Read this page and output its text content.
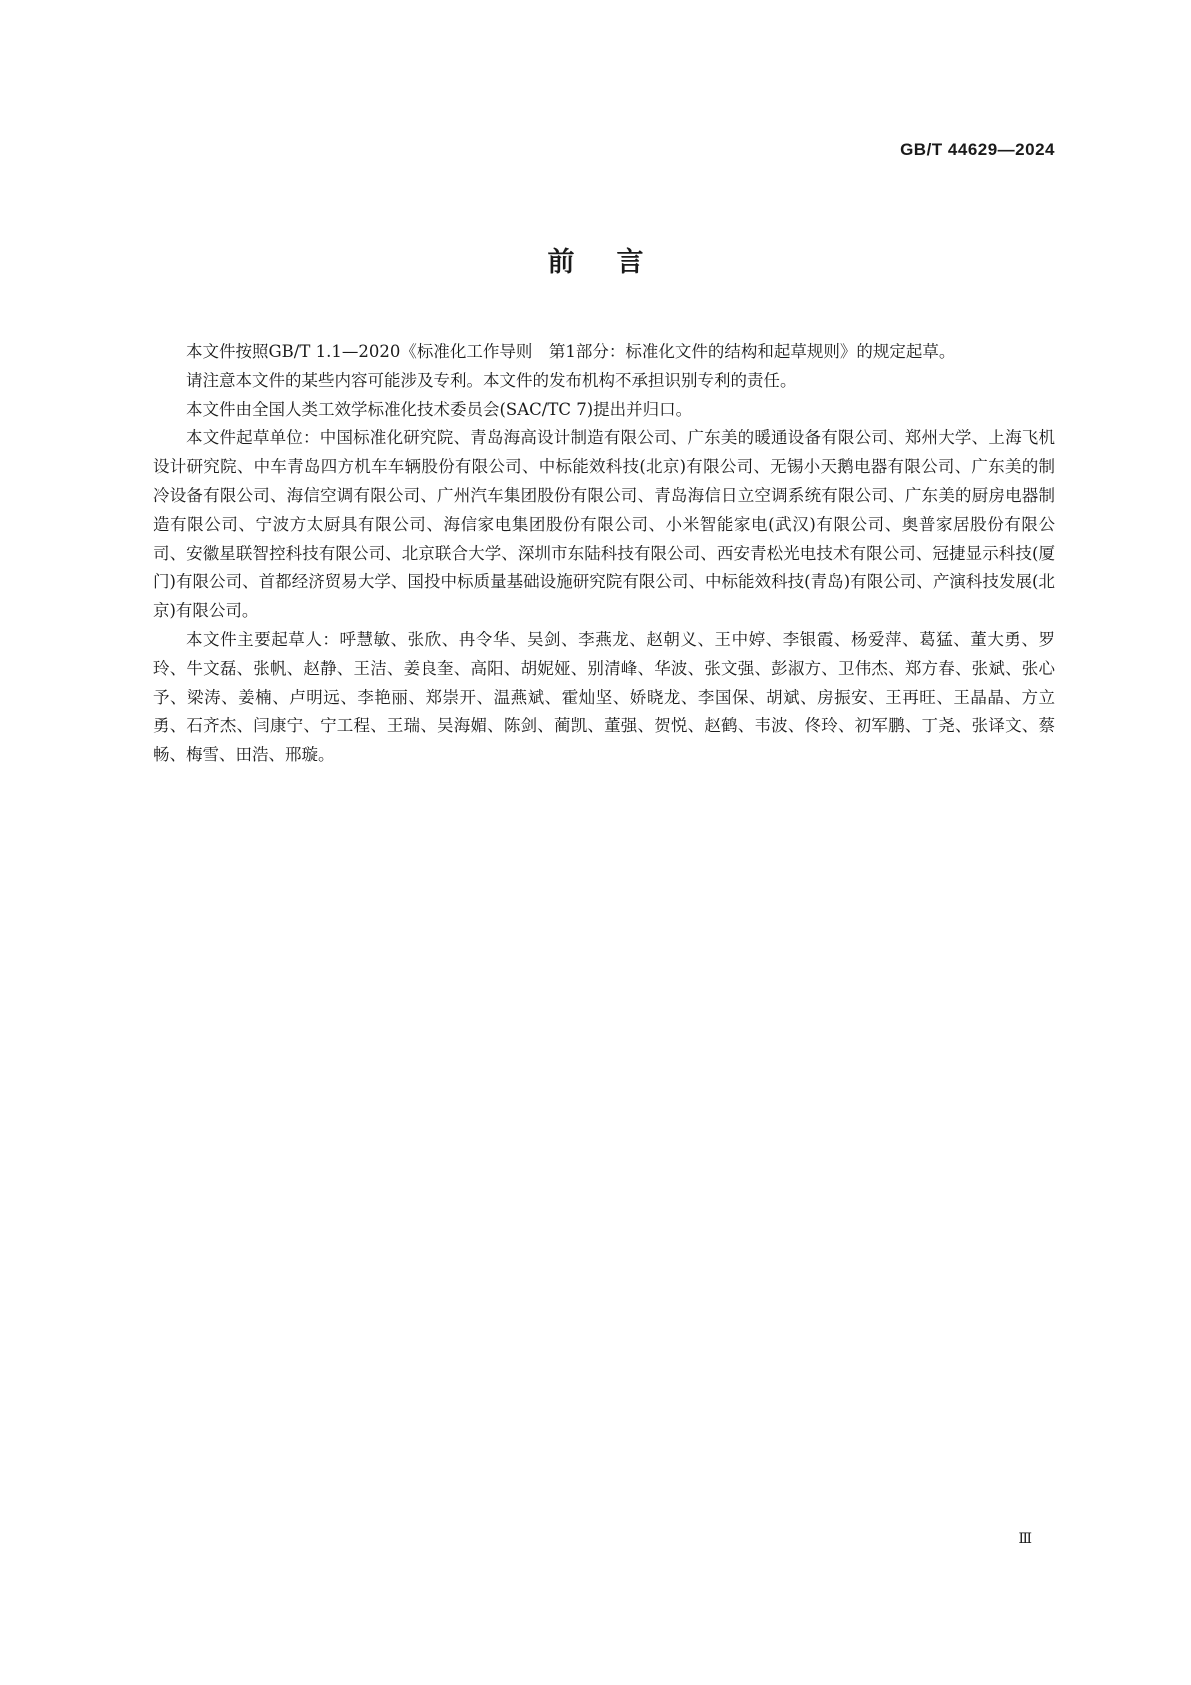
GB/T 44629—2024
前言

本文件按照GB/T 1.1—2020《标准化工作导则　第1部分：标准化文件的结构和起草规则》的规定起草。

请注意本文件的某些内容可能涉及专利。本文件的发布机构不承担识别专利的责任。

本文件由全国人类工效学标准化技术委员会(SAC/TC 7)提出并归口。

本文件起草单位：中国标准化研究院、青岛海高设计制造有限公司、广东美的暖通设备有限公司、郑州大学、上海飞机设计研究院、中车青岛四方机车车辆股份有限公司、中标能效科技(北京)有限公司、无锡小天鹅电器有限公司、广东美的制冷设备有限公司、海信空调有限公司、广州汽车集团股份有限公司、青岛海信日立空调系统有限公司、广东美的厨房电器制造有限公司、宁波方太厨具有限公司、海信家电集团股份有限公司、小米智能家电(武汉)有限公司、奥普家居股份有限公司、安徽星联智控科技有限公司、北京联合大学、深圳市东陆科技有限公司、西安青松光电技术有限公司、冠捷显示科技(厦门)有限公司、首都经济贸易大学、国投中标质量基础设施研究院有限公司、中标能效科技(青岛)有限公司、产演科技发展(北京)有限公司。

本文件主要起草人：呼慧敏、张欣、冉令华、吴剑、李燕龙、赵朝义、王中婷、李银霞、杨爱萍、葛猛、董大勇、罗玲、牛文磊、张帆、赵静、王洁、姜良奎、高阳、胡妮娅、别清峰、华波、张文强、彭淑方、卫伟杰、郑方春、张斌、张心予、梁涛、姜楠、卢明远、李艳丽、郑崇开、温燕斌、霍灿坚、娇晓龙、李国保、胡斌、房振安、王再旺、王晶晶、方立勇、石齐杰、闫康宁、宁工程、王瑞、吴海媚、陈剑、蔺凯、董强、贺悦、赵鹤、韦波、佟玲、初军鹏、丁尧、张译文、蔡畅、梅雪、田浩、邢璇。

Ⅲ
